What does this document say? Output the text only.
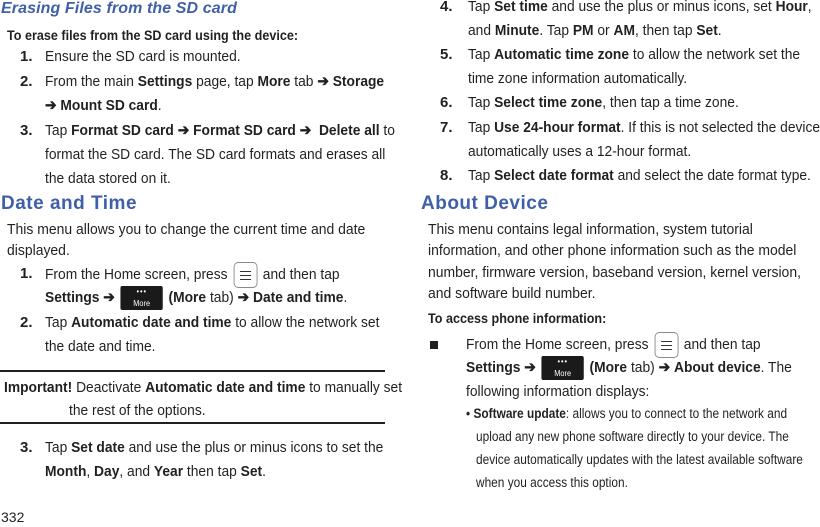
Erasing Files from the SD card

To erase files from the SD card using the device:

1. Ensure the SD card is mounted.
2. From the main Settings page, tap More tab ➔ Storage
➔ Mount SD card.
3. Tap Format SD card ➔ Format SD card ➔ Delete all to
format the SD card. The SD card formats and erases all
the data stored on it.
Date and Time

This menu allows you to change the current time and date

displayed.

1. From the Home screen, press and then tap
Settings ➔	•••
More	(More tab) ➔ Date and time.
2. Tap Automatic date and time to allow the network set
the date and time.
Important! Deactivate Automatic date and time to manually set
the rest of the options.
3. Tap Set date and use the plus or minus icons to set the
Month, Day, and Year then tap Set.

332

4. Tap Set time and use the plus or minus icons, set Hour,
and Minute. Tap PM or AM, then tap Set.
5. Tap Automatic time zone to allow the network set the
time zone information automatically.
6. Tap Select time zone, then tap a time zone.
7. Tap Use 24-hour format. If this is not selected the device
automatically uses a 12-hour format.
8. Tap Select date format and select the date format type.
About Device

This menu contains legal information, system tutorial

information, and other phone information such as the model

number, firmware version, baseband version, kernel version,

and software build number.

To access phone information:

From the Home screen, press and then tap
Settings ➔	•••
More	(More tab) ➔ About device. The
following information displays:

• Software update: allows you to connect to the network and

upload any new phone software directly to your device. The

device automatically updates with the latest available software

when you access this option.
